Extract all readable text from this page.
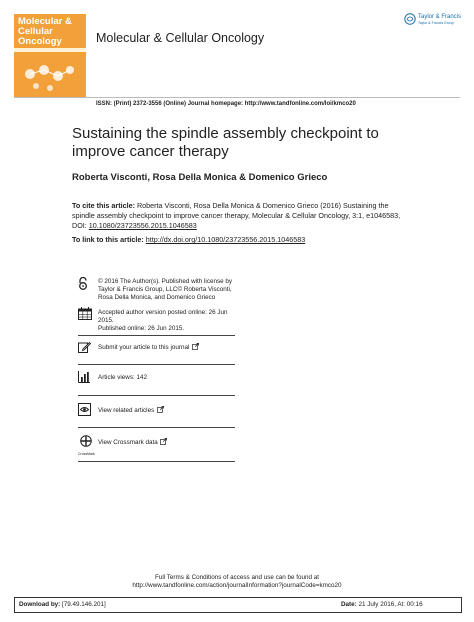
Molecular & Cellular Oncology	Molecular & Cellular Oncology
Taylor & Francis
Taylor & Francis Group
ISSN: (Print) 2372-3556 (Online) Journal homepage: http://www.tandfonline.com/loi/kmco20
Sustaining the spindle assembly checkpoint to improve cancer therapy
Roberta Visconti, Rosa Della Monica & Domenico Grieco
To cite this article: Roberta Visconti, Rosa Della Monica & Domenico Grieco (2016) Sustaining the spindle assembly checkpoint to improve cancer therapy, Molecular & Cellular Oncology, 3:1, e1046583, DOI: 10.1080/23723556.2015.1046583
To link to this article: http://dx.doi.org/10.1080/23723556.2015.1046583
© 2016 The Author(s). Published with license by Taylor & Francis Group, LLC© Roberta Visconti, Rosa Della Monica, and Domenico Grieco
Accepted author version posted online: 26 Jun 2015.
Published online: 26 Jun 2015.
Submit your article to this journal
Article views: 142
View related articles
CrossMark
View Crossmark data
Full Terms & Conditions of access and use can be found at
http://www.tandfonline.com/action/journalInformation?journalCode=kmco20
Download by: [79.49.146.201]	Date: 21 July 2016, At: 00:16
